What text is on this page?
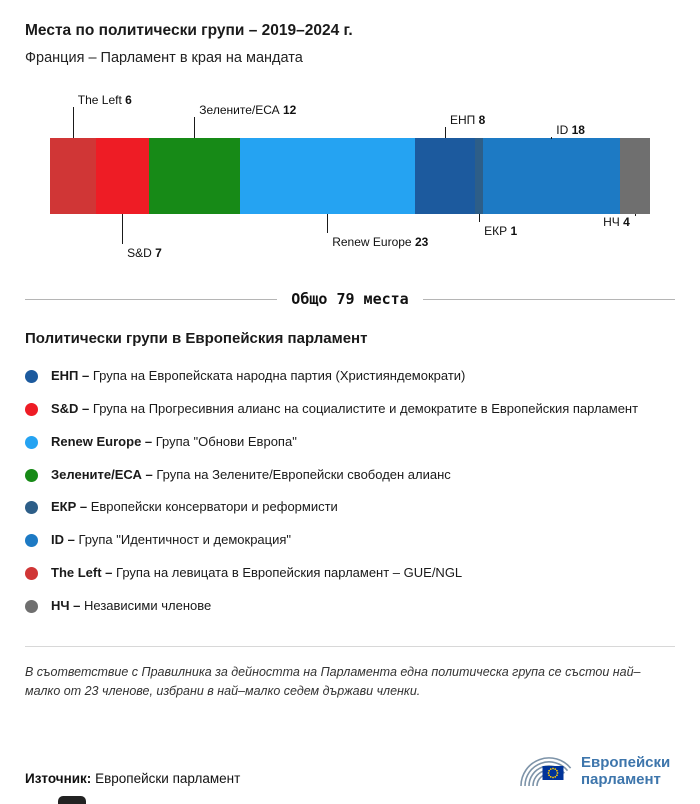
Места по политически групи – 2019–2024 г.
Франция – Парламент в края на мандата
The Left 6
S&D 7
Зелените/ЕСА 12
Renew Europe 23
ЕНП 8
ЕКР 1
ID 18
НЧ 4
Общо 79 места
Политически групи в Европейския парламент
ЕНП – Група на Европейската народна партия (Християндемократи)
S&D – Група на Прогресивния алианс на социалистите и демократите в Европейския парламент
Renew Europe – Група "Обнови Европа"
Зелените/ЕСА – Група на Зелените/Европейски свободен алианс
ЕКР – Европейски консерватори и реформисти
ID – Група "Идентичност и демокрация"
The Left – Група на левицата в Европейския парламент – GUE/NGL
НЧ – Независими членове
В съответствие с Правилника за дейността на Парламента една политическа група се състои най–малко от 23 членове, избрани в най–малко седем държави членки.
Източник: Европейски парламент
Европейски
парламент
